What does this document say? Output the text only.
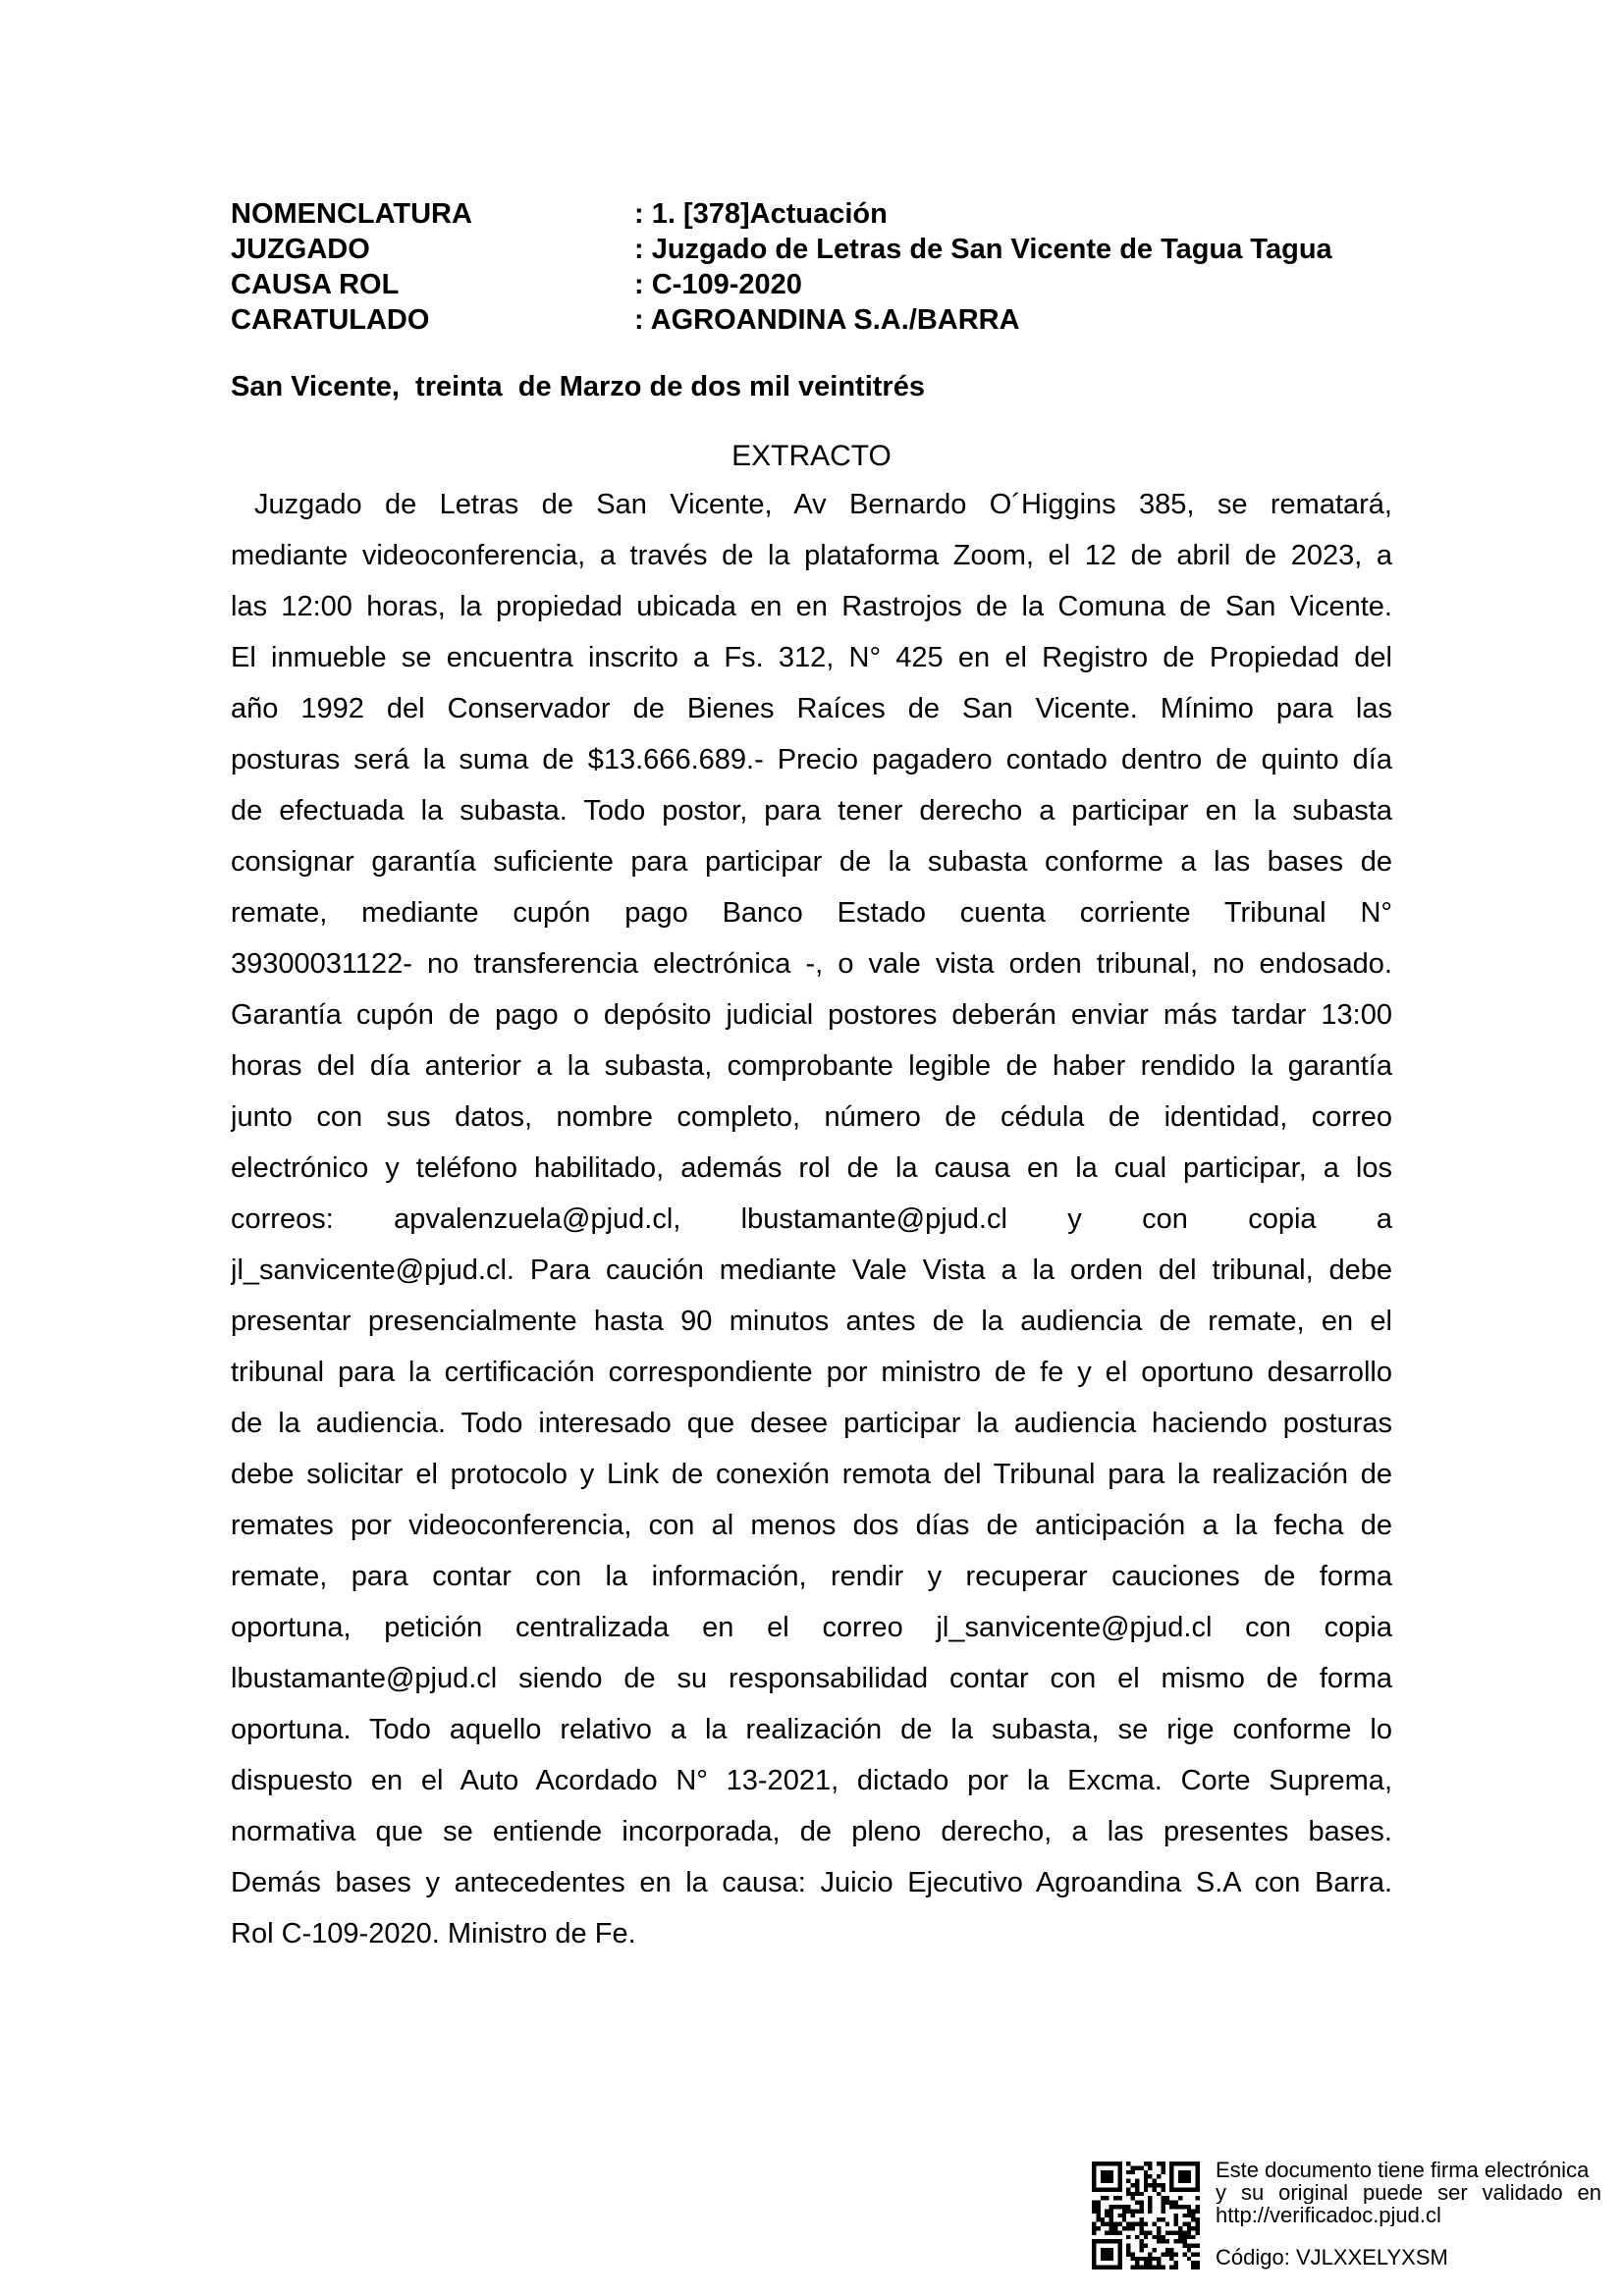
NOMENCLATURA	: 1. [378]Actuación
JUZGADO	: Juzgado de Letras de San Vicente de Tagua Tagua
CAUSA ROL	: C-109-2020
CARATULADO	: AGROANDINA S.A./BARRA
San Vicente,  treinta  de Marzo de dos mil veintitrés
EXTRACTO
Juzgado de Letras de San Vicente, Av Bernardo O´Higgins 385, se rematará,
mediante videoconferencia, a través de la plataforma Zoom, el 12 de abril de 2023, a
las 12:00 horas, la propiedad ubicada en en Rastrojos de la Comuna de San Vicente.
El inmueble se encuentra inscrito a Fs. 312, N° 425 en el Registro de Propiedad del
año 1992 del Conservador de Bienes Raíces de San Vicente. Mínimo para las
posturas será la suma de $13.666.689.- Precio pagadero contado dentro de quinto día
de efectuada la subasta. Todo postor, para tener derecho a participar en la subasta
consignar garantía suficiente para participar de la subasta conforme a las bases de
remate, mediante cupón pago Banco Estado cuenta corriente Tribunal N°
39300031122- no transferencia electrónica -, o vale vista orden tribunal, no endosado.
Garantía cupón de pago o depósito judicial postores deberán enviar más tardar 13:00
horas del día anterior a la subasta, comprobante legible de haber rendido la garantía
junto con sus datos, nombre completo, número de cédula de identidad, correo
electrónico y teléfono habilitado, además rol de la causa en la cual participar, a los
correos: apvalenzuela@pjud.cl, lbustamante@pjud.cl y con copia a
jl_sanvicente@pjud.cl. Para caución mediante Vale Vista a la orden del tribunal, debe
presentar presencialmente hasta 90 minutos antes de la audiencia de remate, en el
tribunal para la certificación correspondiente por ministro de fe y el oportuno desarrollo
de la audiencia. Todo interesado que desee participar la audiencia haciendo posturas
debe solicitar el protocolo y Link de conexión remota del Tribunal para la realización de
remates por videoconferencia, con al menos dos días de anticipación a la fecha de
remate, para contar con la información, rendir y recuperar cauciones de forma
oportuna, petición centralizada en el correo jl_sanvicente@pjud.cl con copia
lbustamante@pjud.cl siendo de su responsabilidad contar con el mismo de forma
oportuna. Todo aquello relativo a la realización de la subasta, se rige conforme lo
dispuesto en el Auto Acordado N° 13-2021, dictado por la Excma. Corte Suprema,
normativa que se entiende incorporada, de pleno derecho, a las presentes bases.
Demás bases y antecedentes en la causa: Juicio Ejecutivo Agroandina S.A con Barra.
Rol C-109-2020. Ministro de Fe.
Este documento tiene firma electrónica
y su original puede ser validado en
http://verificadoc.pjud.cl
Código: VJLXXELYXSM
